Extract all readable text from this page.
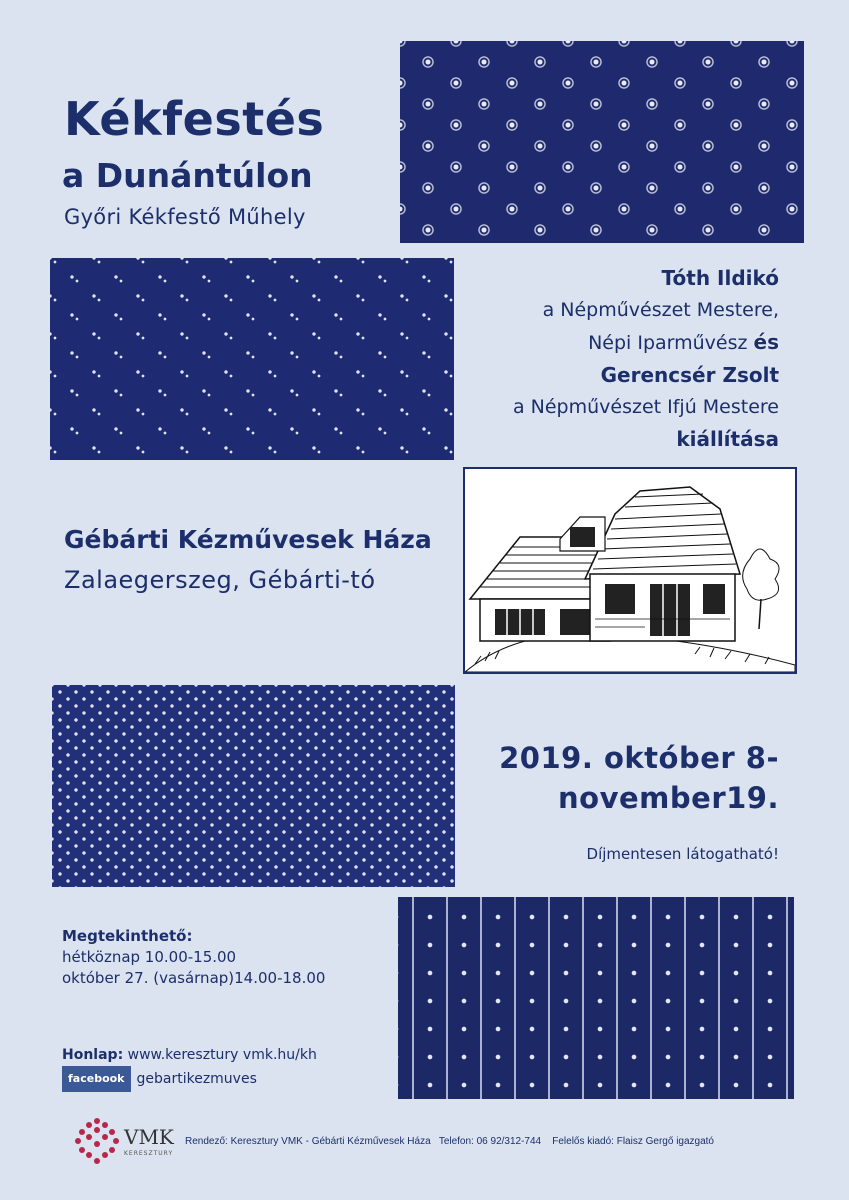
Kékfestés
a Dunántúlon
Győri Kékfestő Műhely
Tóth Ildikó
a Népművészet Mestere,
Népi Iparművész és
Gerencsér Zsolt
a Népművészet Ifjú Mestere
kiállítása
Gébárti Kézművesek Háza
Zalaegerszeg, Gébárti-tó
2019. október 8-
november19.
Díjmentesen látogatható!
Megtekinthető:
hétköznap 10.00-15.00
október 27. (vasárnap)14.00-18.00
Honlap: www.keresztury vmk.hu/kh
facebook gebartikezmuves
VMK
KERESZTURY
Rendező: Keresztury VMK - Gébárti Kézművesek Háza Telefon: 06 92/312-744 Felelős kiadó: Flaisz Gergő igazgató
